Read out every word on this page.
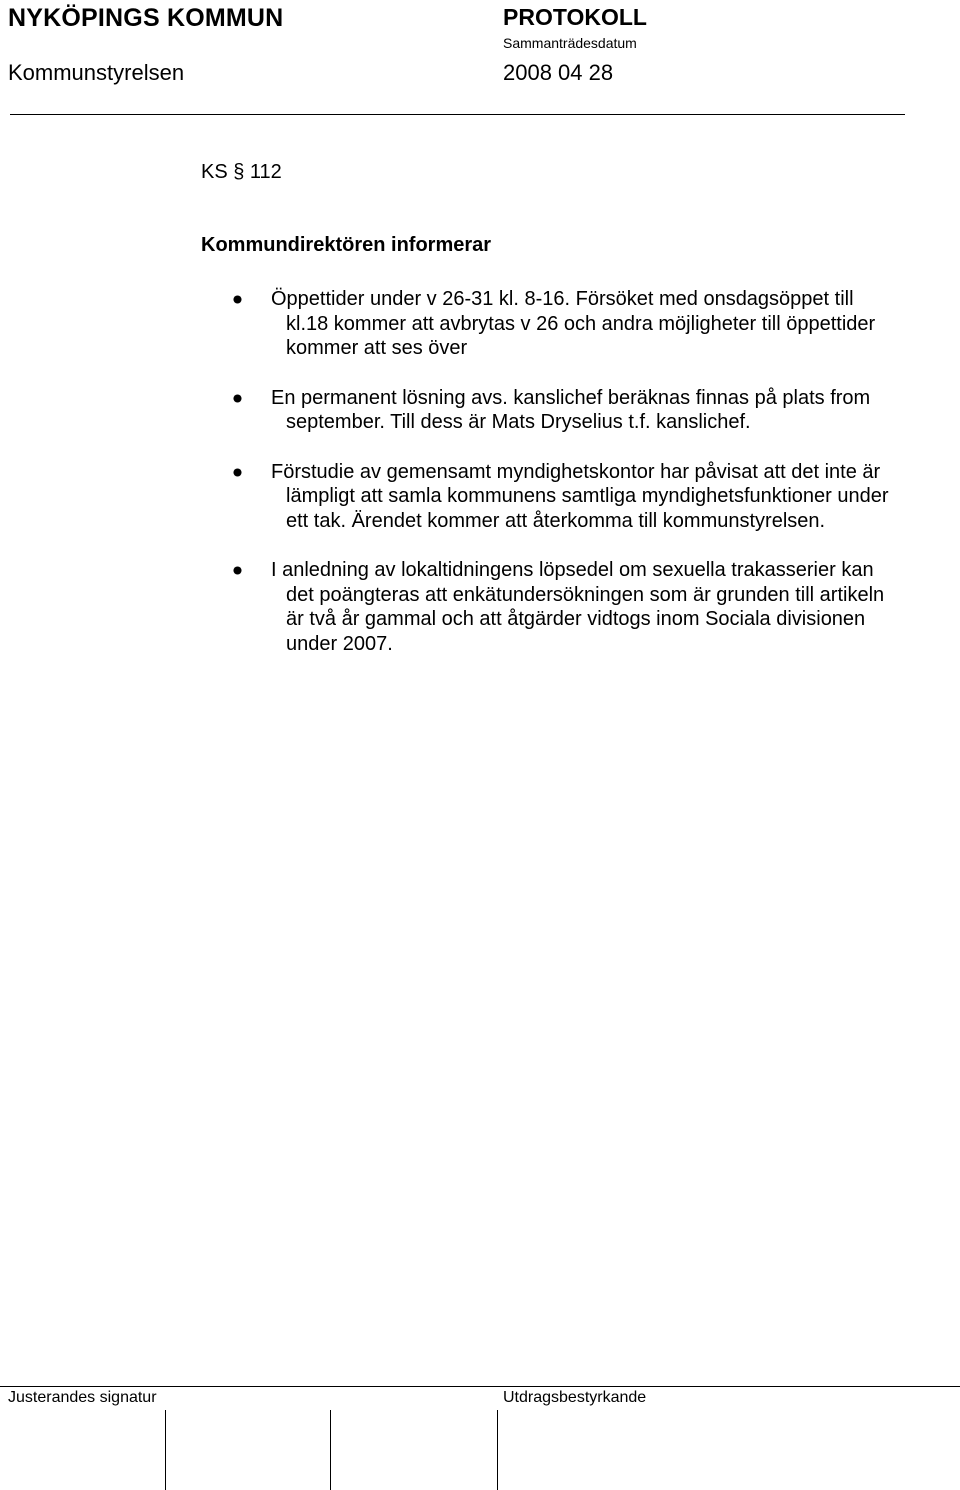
NYKÖPINGS KOMMUN	PROTOKOLL
Sammanträdesdatum
Kommunstyrelsen	2008 04 28
KS § 112
Kommundirektören informerar
Öppettider under v 26-31 kl. 8-16. Försöket med onsdagsöppet till
kl.18 kommer att avbrytas v 26 och andra möjligheter till öppettider
kommer att ses över
En permanent lösning avs. kanslichef beräknas finnas på plats from
september. Till dess är Mats Dryselius t.f. kanslichef.
Förstudie av gemensamt myndighetskontor har påvisat att det inte är
lämpligt att samla kommunens samtliga myndighetsfunktioner under
ett tak. Ärendet kommer att återkomma till kommunstyrelsen.
I anledning av lokaltidningens löpsedel om sexuella trakasserier kan
det poängteras att enkätundersökningen som är grunden till artikeln
är två år gammal och att åtgärder vidtogs inom Sociala divisionen
under 2007.
Justerandes signatur	Utdragsbestyrkande
